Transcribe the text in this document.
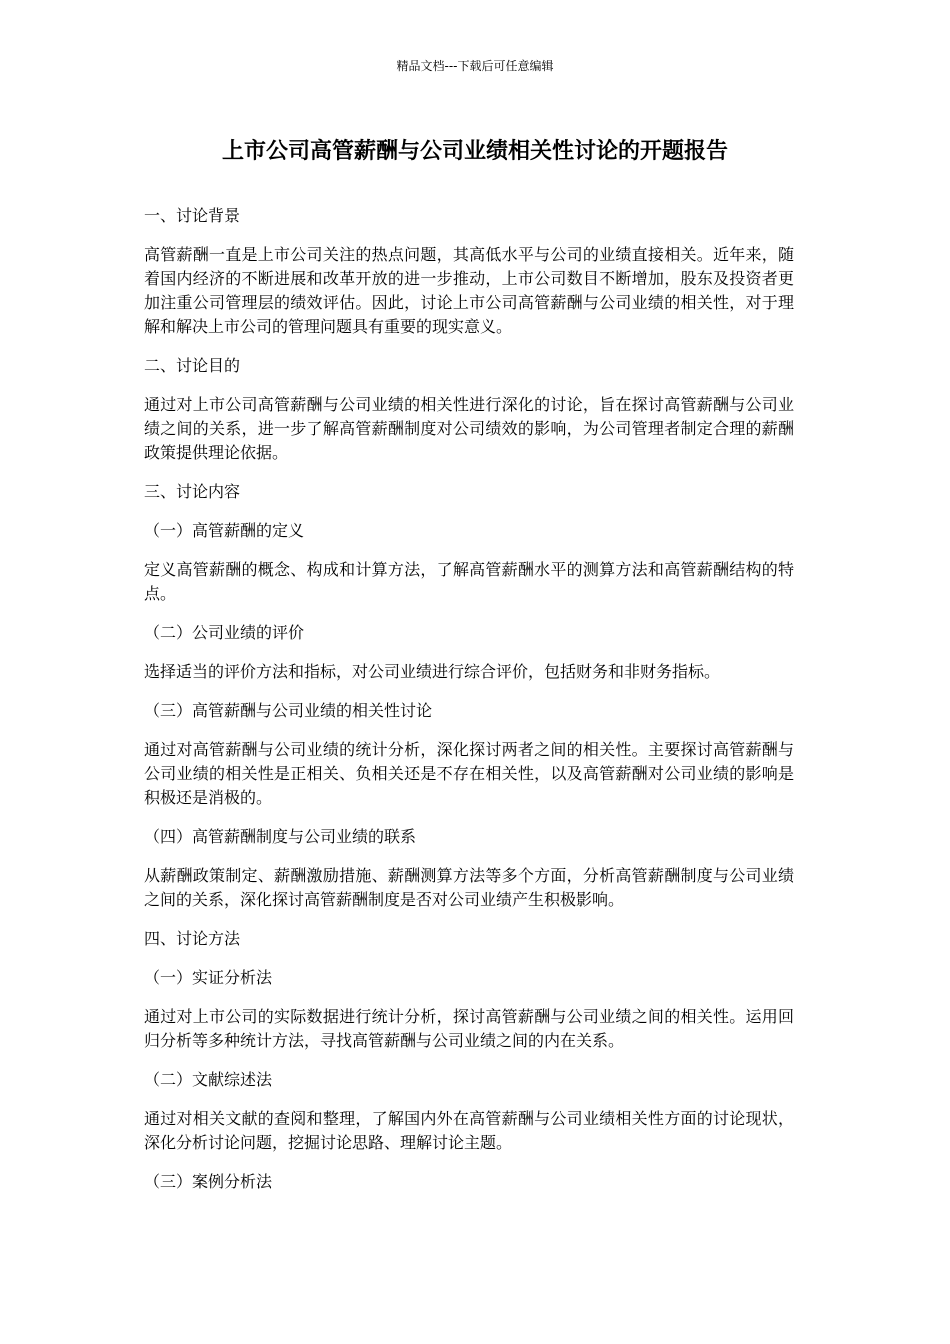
精品文档---下载后可任意编辑
上市公司高管薪酬与公司业绩相关性讨论的开题报告

一、讨论背景

高管薪酬一直是上市公司关注的热点问题，其高低水平与公司的业绩直接相关。近年来，随着国内经济的不断进展和改革开放的进一步推动，上市公司数目不断增加，股东及投资者更加注重公司管理层的绩效评估。因此，讨论上市公司高管薪酬与公司业绩的相关性，对于理解和解决上市公司的管理问题具有重要的现实意义。

二、讨论目的

通过对上市公司高管薪酬与公司业绩的相关性进行深化的讨论，旨在探讨高管薪酬与公司业绩之间的关系，进一步了解高管薪酬制度对公司绩效的影响，为公司管理者制定合理的薪酬政策提供理论依据。

三、讨论内容

（一）高管薪酬的定义

定义高管薪酬的概念、构成和计算方法，了解高管薪酬水平的测算方法和高管薪酬结构的特点。

（二）公司业绩的评价

选择适当的评价方法和指标，对公司业绩进行综合评价，包括财务和非财务指标。

（三）高管薪酬与公司业绩的相关性讨论

通过对高管薪酬与公司业绩的统计分析，深化探讨两者之间的相关性。主要探讨高管薪酬与公司业绩的相关性是正相关、负相关还是不存在相关性，以及高管薪酬对公司业绩的影响是积极还是消极的。

（四）高管薪酬制度与公司业绩的联系

从薪酬政策制定、薪酬激励措施、薪酬测算方法等多个方面，分析高管薪酬制度与公司业绩之间的关系，深化探讨高管薪酬制度是否对公司业绩产生积极影响。

四、讨论方法

（一）实证分析法

通过对上市公司的实际数据进行统计分析，探讨高管薪酬与公司业绩之间的相关性。运用回归分析等多种统计方法，寻找高管薪酬与公司业绩之间的内在关系。

（二）文献综述法

通过对相关文献的查阅和整理，了解国内外在高管薪酬与公司业绩相关性方面的讨论现状，深化分析讨论问题，挖掘讨论思路、理解讨论主题。

（三）案例分析法
